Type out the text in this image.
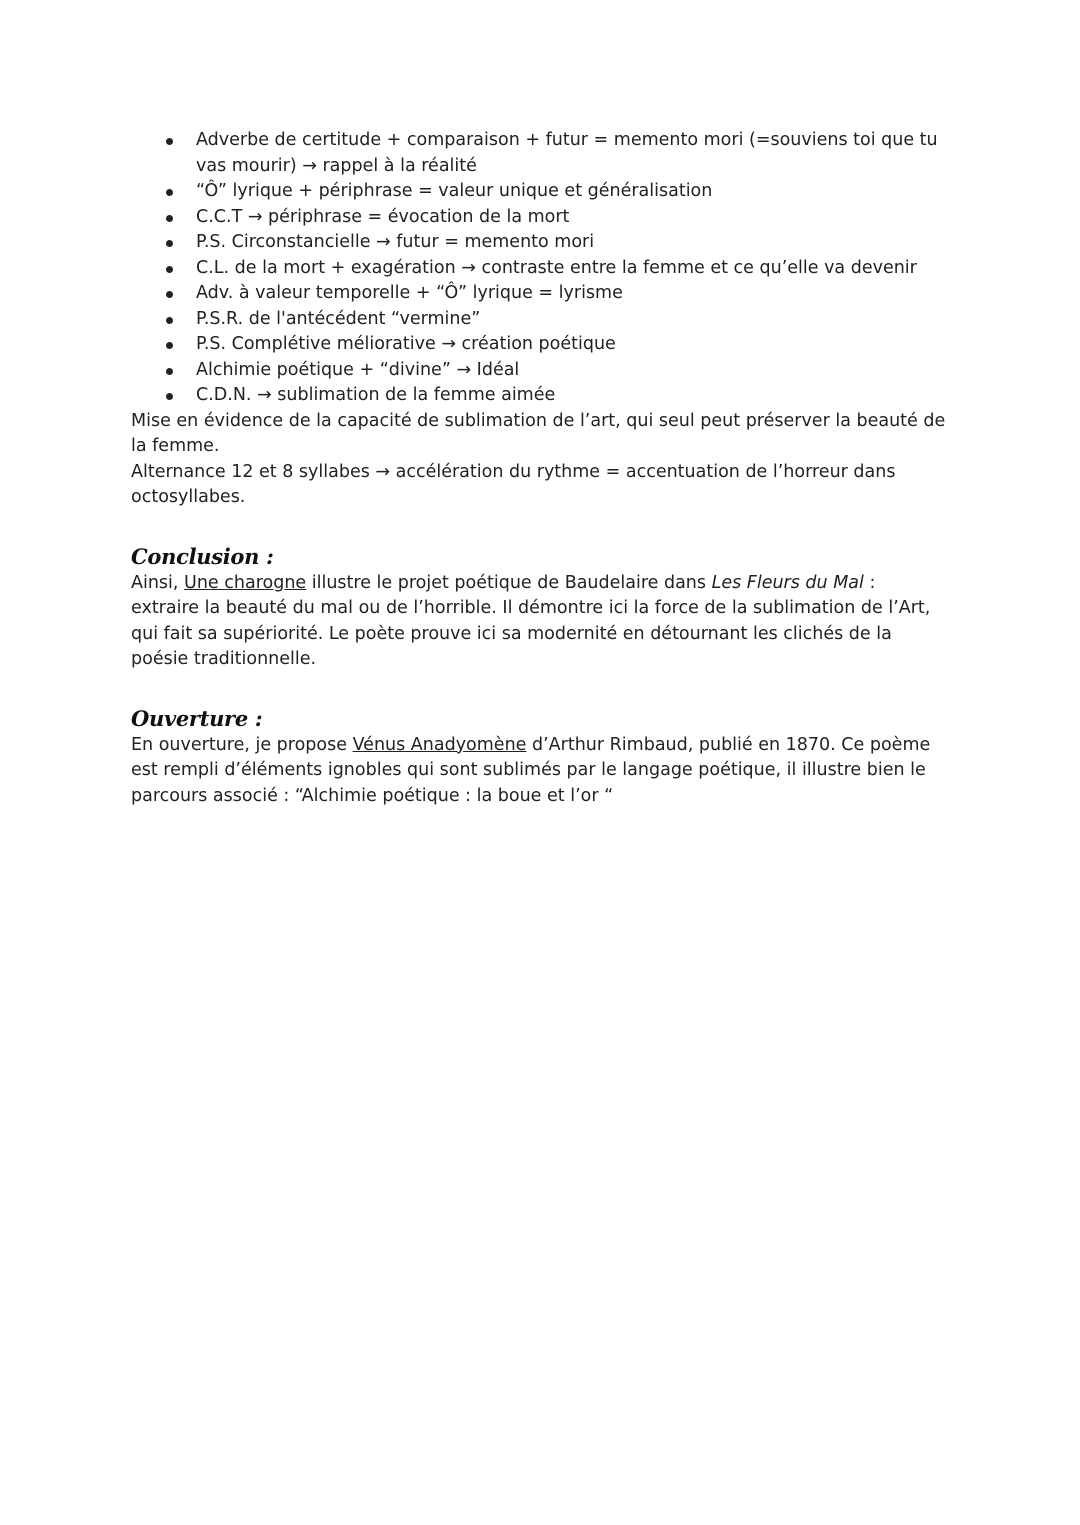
Adverbe de certitude + comparaison + futur = memento mori (=souviens toi que tu vas mourir) → rappel à la réalité
“Ô” lyrique + périphrase = valeur unique et généralisation
C.C.T → périphrase = évocation de la mort
P.S. Circonstancielle → futur = memento mori
C.L. de la mort + exagération → contraste entre la femme et ce qu’elle va devenir
Adv. à valeur temporelle + “Ô” lyrique = lyrisme
P.S.R. de l'antécédent “vermine”
P.S. Complétive méliorative → création poétique
Alchimie poétique + “divine” → Idéal
C.D.N. → sublimation de la femme aimée

Mise en évidence de la capacité de sublimation de l’art, qui seul peut préserver la beauté de la femme.

Alternance 12 et 8 syllabes → accélération du rythme = accentuation de l’horreur dans octosyllabes.

Conclusion :

Ainsi, Une charogne illustre le projet poétique de Baudelaire dans Les Fleurs du Mal : extraire la beauté du mal ou de l’horrible. Il démontre ici la force de la sublimation de l’Art, qui fait sa supériorité. Le poète prouve ici sa modernité en détournant les clichés de la poésie traditionnelle.

Ouverture :

En ouverture, je propose Vénus Anadyomène d’Arthur Rimbaud, publié en 1870. Ce poème est rempli d’éléments ignobles qui sont sublimés par le langage poétique, il illustre bien le parcours associé : “Alchimie poétique : la boue et l’or “
